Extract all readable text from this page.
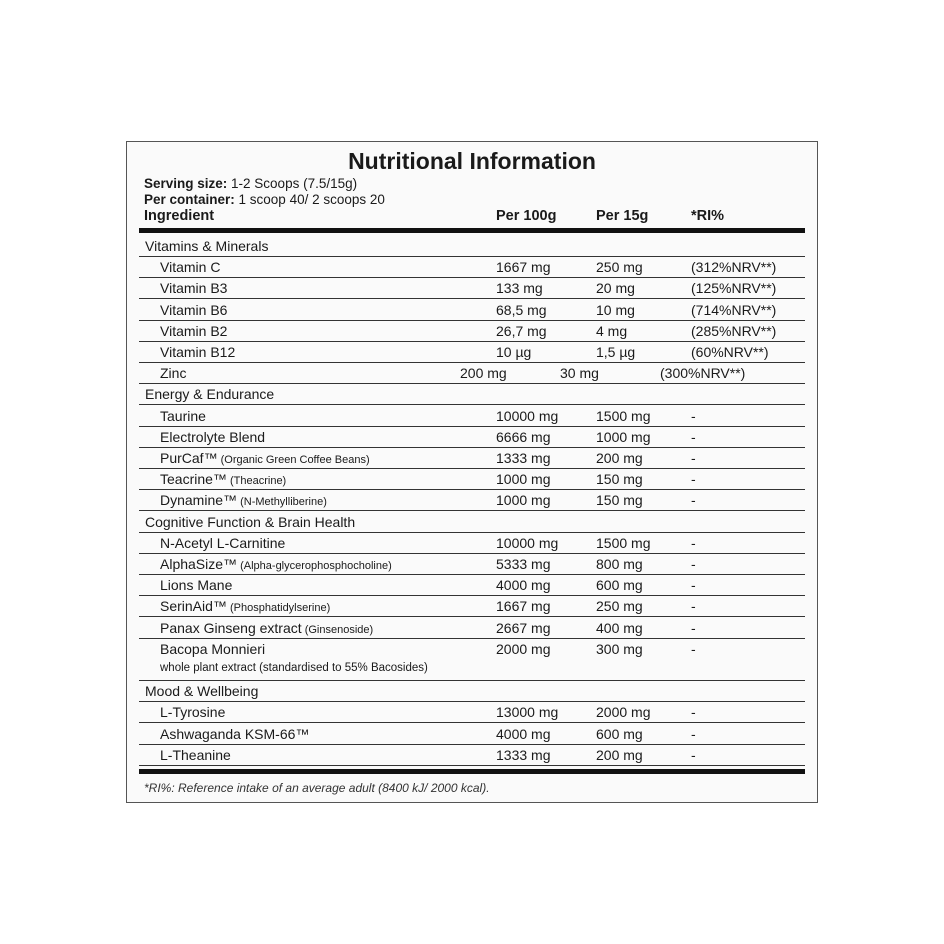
Nutritional Information
Serving size: 1-2 Scoops (7.5/15g)
Per container: 1 scoop 40/ 2 scoops 20
Ingredient	Per 100g	Per 15g	*RI%
Vitamins & Minerals
Vitamin C	1667 mg	250 mg	(312%NRV**)
Vitamin B3	133 mg	20 mg	(125%NRV**)
Vitamin B6	68,5 mg	10 mg	(714%NRV**)
Vitamin B2	26,7 mg	4 mg	(285%NRV**)
Vitamin B12	10 µg	1,5 µg	(60%NRV**)
Zinc	200 mg	30 mg	(300%NRV**)
Energy & Endurance
Taurine	10000 mg	1500 mg	-
Electrolyte Blend	6666 mg	1000 mg	-
PurCaf™ (Organic Green Coffee Beans)	1333 mg	200 mg	-
Teacrine™ (Theacrine)	1000 mg	150 mg	-
Dynamine™ (N-Methylliberine)	1000 mg	150 mg	-
Cognitive Function & Brain Health
N-Acetyl L-Carnitine	10000 mg	1500 mg	-
AlphaSize™ (Alpha-glycerophosphocholine)	5333 mg	800 mg	-
Lions Mane	4000 mg	600 mg	-
SerinAid™ (Phosphatidylserine)	1667 mg	250 mg	-
Panax Ginseng extract (Ginsenoside)	2667 mg	400 mg	-
Bacopa Monnieri	2000 mg	300 mg	-
whole plant extract (standardised to 55% Bacosides)
Mood & Wellbeing
L-Tyrosine	13000 mg	2000 mg	-
Ashwaganda KSM-66™	4000 mg	600 mg	-
L-Theanine	1333 mg	200 mg	-
*RI%: Reference intake of an average adult (8400 kJ/ 2000 kcal).
